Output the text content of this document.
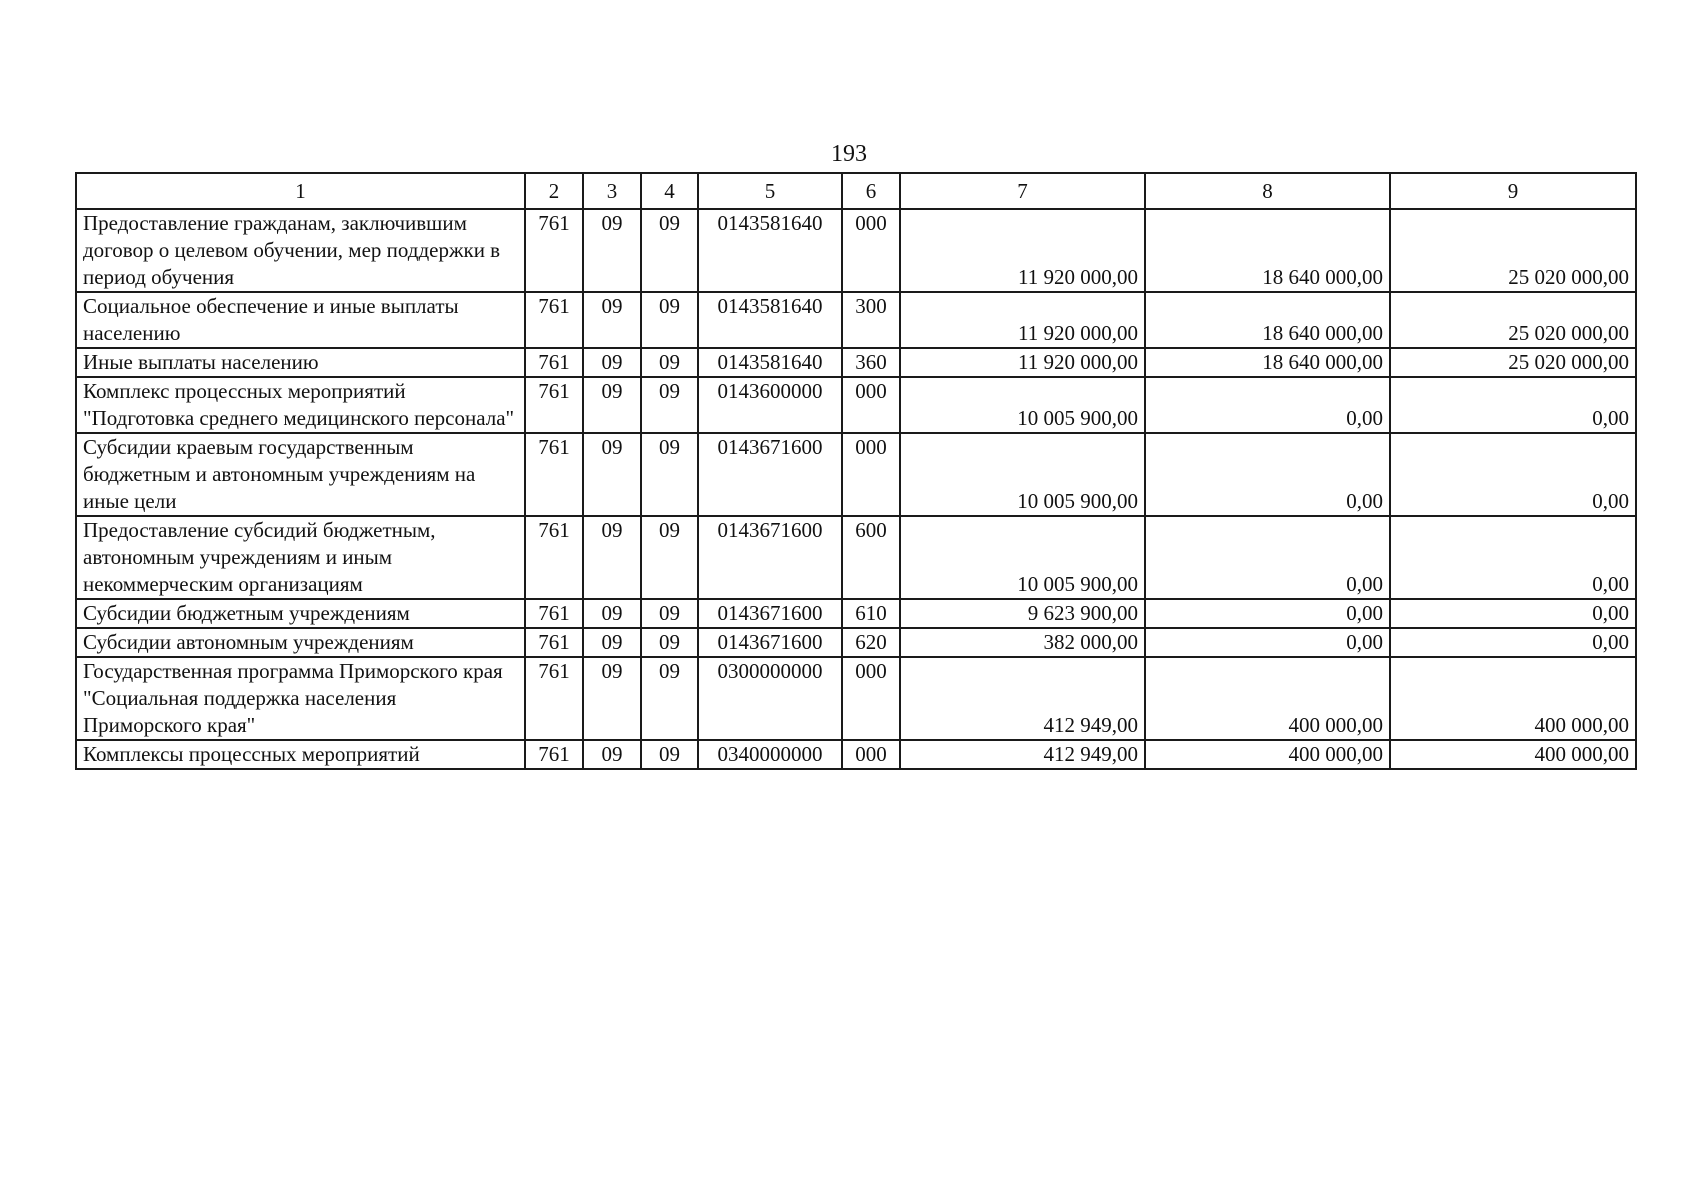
193
1	2	3	4	5	6	7	8	9
Предоставление гражданам, заключившим договор о целевом обучении, мер поддержки в период обучения	761	09	09	0143581640	000	11 920 000,00	18 640 000,00	25 020 000,00
Социальное обеспечение и иные выплаты населению	761	09	09	0143581640	300	11 920 000,00	18 640 000,00	25 020 000,00
Иные выплаты населению	761	09	09	0143581640	360	11 920 000,00	18 640 000,00	25 020 000,00
Комплекс процессных мероприятий "Подготовка среднего медицинского персонала"	761	09	09	0143600000	000	10 005 900,00	0,00	0,00
Субсидии краевым государственным бюджетным и автономным учреждениям на иные цели	761	09	09	0143671600	000	10 005 900,00	0,00	0,00
Предоставление субсидий бюджетным, автономным учреждениям и иным некоммерческим организациям	761	09	09	0143671600	600	10 005 900,00	0,00	0,00
Субсидии бюджетным учреждениям	761	09	09	0143671600	610	9 623 900,00	0,00	0,00
Субсидии автономным учреждениям	761	09	09	0143671600	620	382 000,00	0,00	0,00
Государственная программа Приморского края "Социальная поддержка населения Приморского края"	761	09	09	0300000000	000	412 949,00	400 000,00	400 000,00
Комплексы процессных мероприятий	761	09	09	0340000000	000	412 949,00	400 000,00	400 000,00
